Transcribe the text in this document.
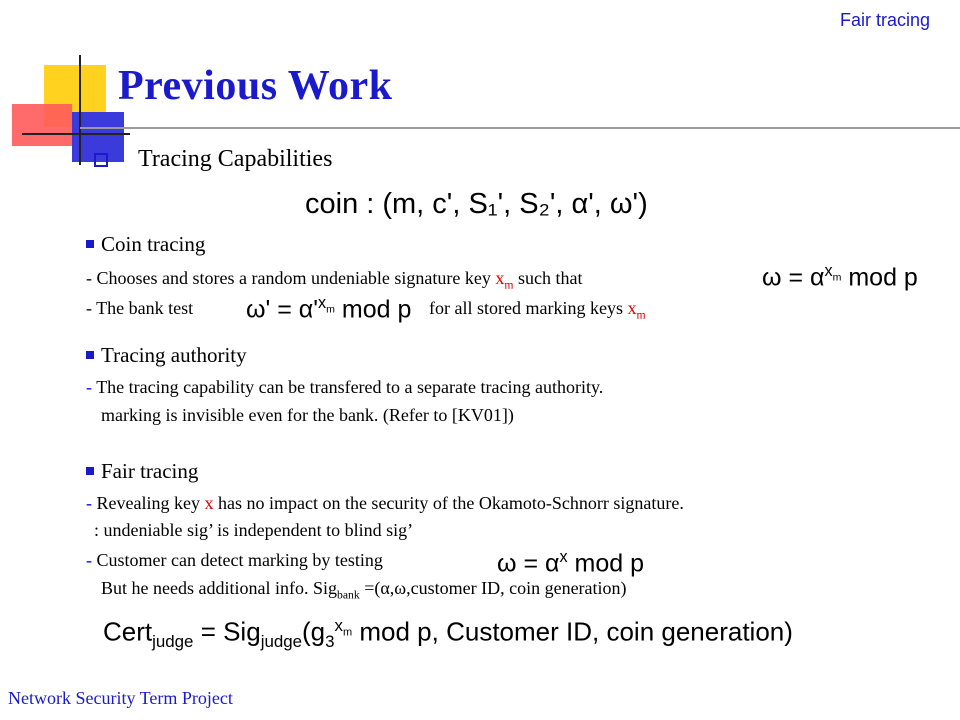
Fair tracing
Previous Work
Tracing Capabilities
coin : (m, c', S₁', S₂', α', ω')
Coin tracing
- Chooses and stores a random undeniable signature key $x_m$ such that	$\omega = \alpha^{x_m}$ mod p
- The bank test $\omega' = \alpha'^{x_m}$ mod p for all stored marking keys $x_m$
Tracing authority
- The tracing capability can be transfered to a separate tracing authority.
marking is invisible even for the bank. (Refer to [KV01])
Fair tracing
- Revealing key x has no impact on the security of the Okamoto-Schnorr signature.
: undeniable sig’ is independent to blind sig’
- Customer can detect marking by testing	$\omega = \alpha^x$ mod p
But he needs additional info. Sig$_{bank}$ =(α,ω,customer ID, coin generation)
Cert$_{judge}$ = $Sig_{judge}(g_3^{x_m}$ mod p, Customer ID, coin generation)
Network Security Term Project
